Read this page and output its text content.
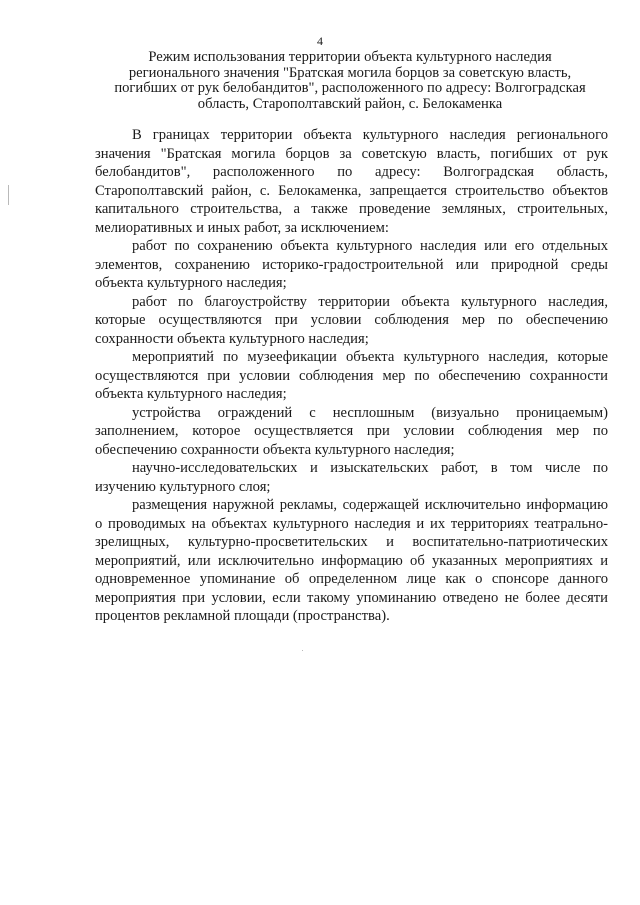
4
Режим использования территории объекта культурного наследия
регионального значения "Братская могила борцов за советскую власть,
погибших от рук белобандитов", расположенного по адресу: Волгоградская
область, Старополтавский район, с. Белокаменка

В границах территории объекта культурного наследия регионального значения "Братская могила борцов за советскую власть, погибших от рук белобандитов", расположенного по адресу: Волгоградская область, Старополтавский район, с. Белокаменка, запрещается строительство объектов капитального строительства, а также проведение земляных, строительных, мелиоративных и иных работ, за исключением:

работ по сохранению объекта культурного наследия или его отдельных элементов, сохранению историко-градостроительной или природной среды объекта культурного наследия;

работ по благоустройству территории объекта культурного наследия, которые осуществляются при условии соблюдения мер по обеспечению сохранности объекта культурного наследия;

мероприятий по музеефикации объекта культурного наследия, которые осуществляются при условии соблюдения мер по обеспечению сохранности объекта культурного наследия;

устройства ограждений с несплошным (визуально проницаемым) заполнением, которое осуществляется при условии соблюдения мер по обеспечению сохранности объекта культурного наследия;

научно-исследовательских и изыскательских работ, в том числе по изучению культурного слоя;

размещения наружной рекламы, содержащей исключительно информацию о проводимых на объектах культурного наследия и их территориях театрально-зрелищных, культурно-просветительских и воспитательно-патриотических мероприятий, или исключительно информацию об указанных мероприятиях и одновременное упоминание об определенном лице как о спонсоре данного мероприятия при условии, если такому упоминанию отведено не более десяти процентов рекламной площади (пространства).
